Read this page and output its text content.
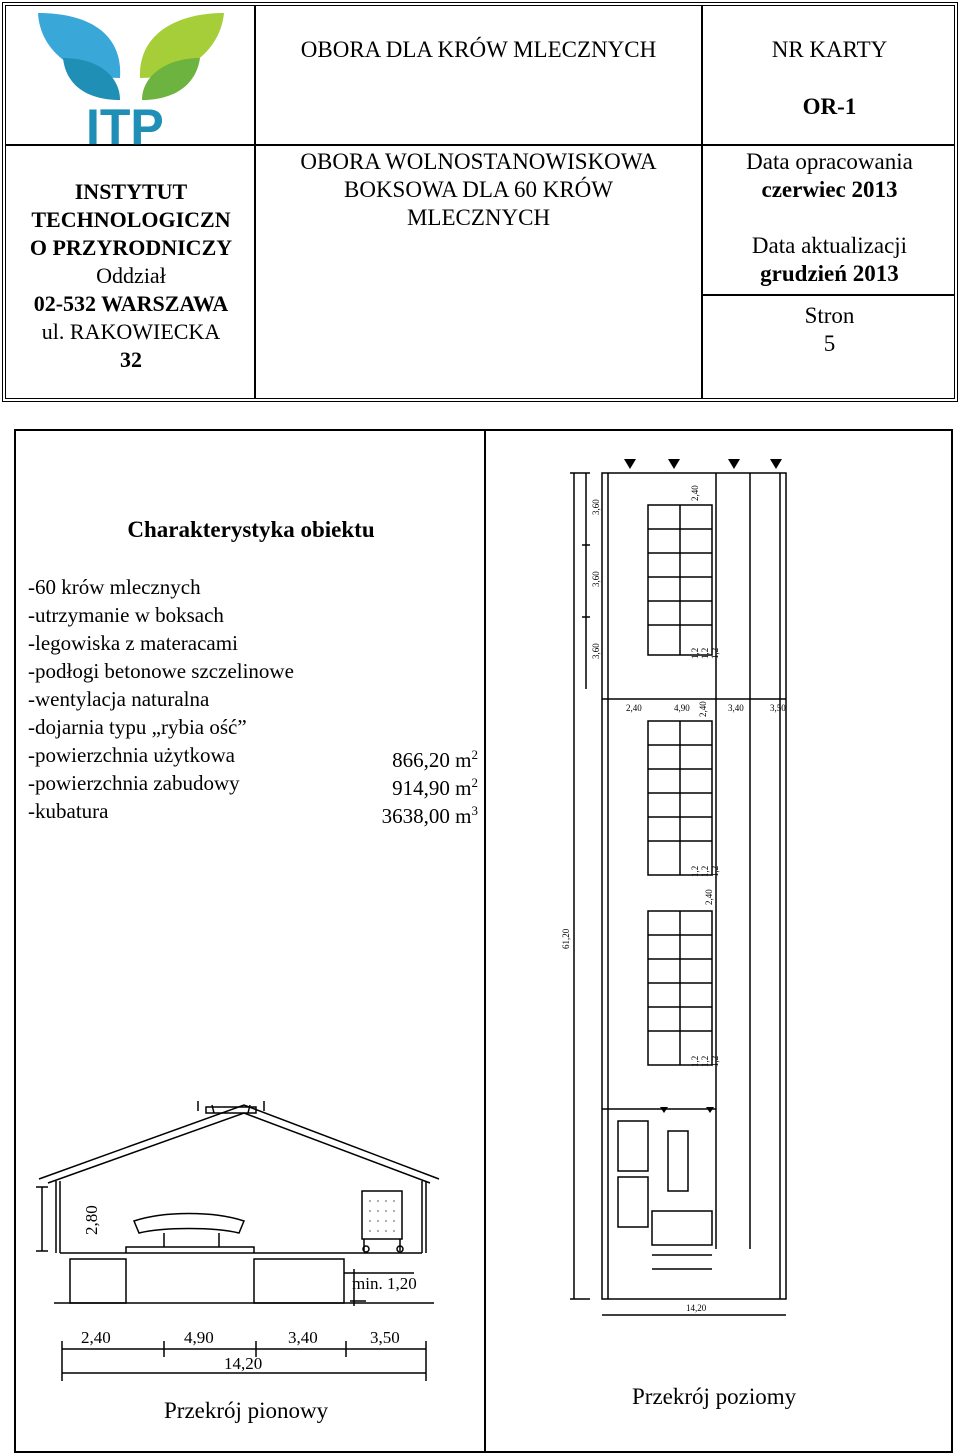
ITP
OBORA DLA KRÓW MLECZNYCH
OBORA WOLNOSTANOWISKOWA
BOKSOWA DLA 60 KRÓW
MLECZNYCH
NR KARTY
OR-1
Data opracowania
czerwiec 2013
Data aktualizacji
grudzień 2013
Stron
5
INSTYTUT
TECHNOLOGICZN
O PRZYRODNICZY
Oddział
02-532 WARSZAWA
ul. RAKOWIECKA
32
Charakterystyka obiektu
-60 krów mlecznych
-utrzymanie w boksach
-legowiska z materacami
-podłogi betonowe szczelinowe
-wentylacja naturalna
-dojarnia typu „rybia ość”
-powierzchnia użytkowa	866,20 $m^2$
-powierzchnia zabudowy	914,90 $m^2$
-kubatura	3638,00 $m^3$
2,80
min. 1,20
2,40	4,90	3,40	3,50
14,20
Przekrój pionowy
3,60
3,60
3,60
2,40
1,2 1,2 1,2
2,40	4,90 2,40 3,40	3,50
1,2 1,2 1,2
2,40
1,2 1,2 1,2
61,20
14,20
Przekrój poziomy
